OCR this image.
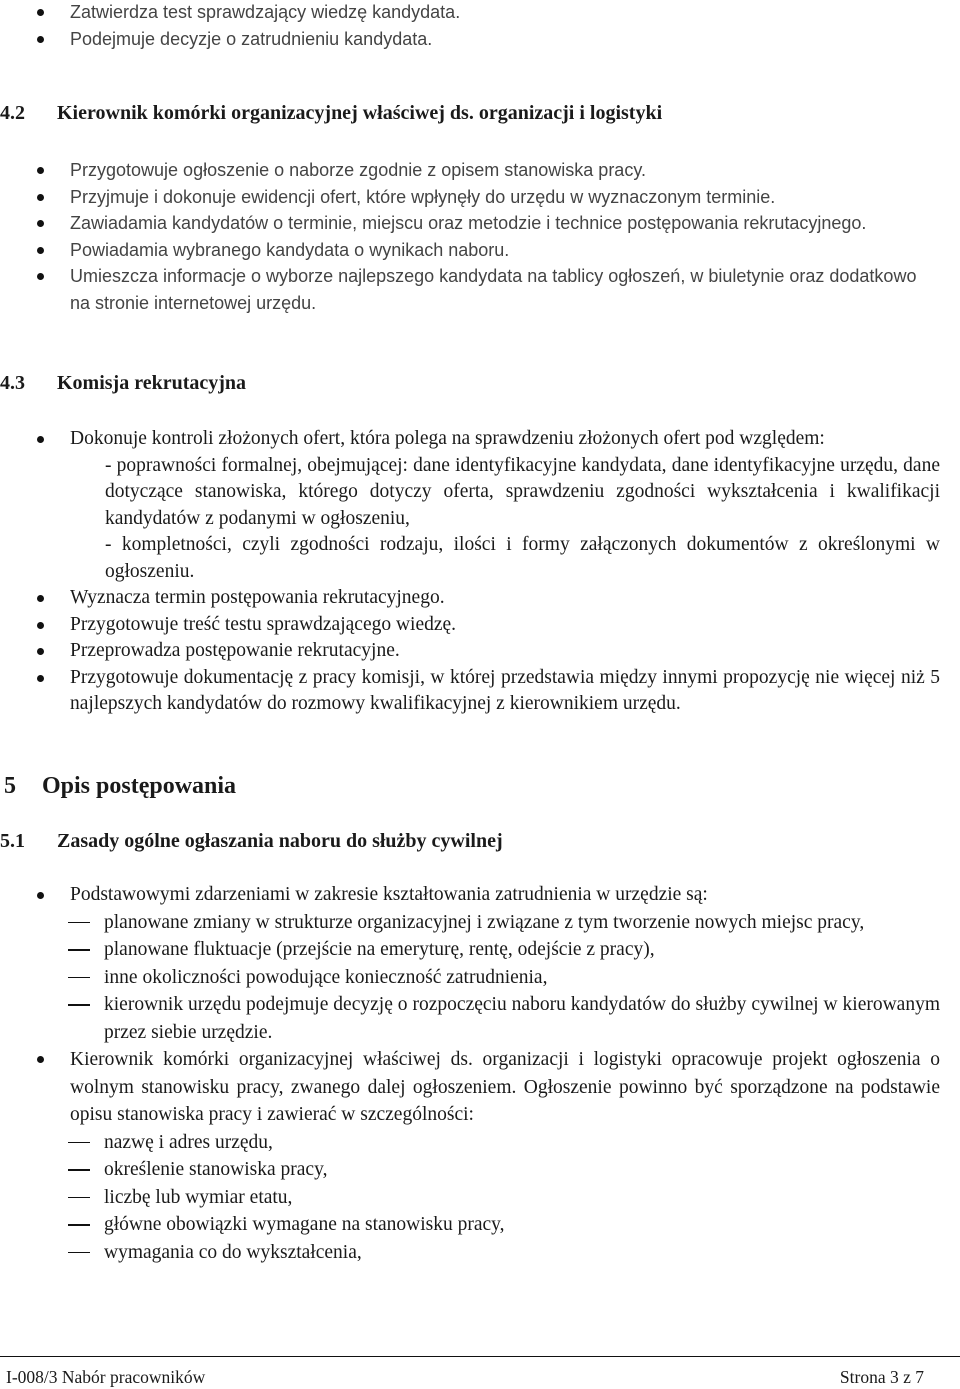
Zatwierdza test sprawdzający wiedzę kandydata.
Podejmuje decyzje o zatrudnieniu kandydata.
4.2 Kierownik komórki organizacyjnej właściwej ds. organizacji i logistyki
Przygotowuje ogłoszenie o naborze zgodnie z opisem stanowiska pracy.
Przyjmuje i dokonuje ewidencji ofert, które wpłynęły do urzędu w wyznaczonym terminie.
Zawiadamia kandydatów o terminie, miejscu oraz metodzie i technice postępowania rekrutacyjnego.
Powiadamia wybranego kandydata o wynikach naboru.
Umieszcza informacje o wyborze najlepszego kandydata na tablicy ogłoszeń, w biuletynie oraz dodatkowo na stronie internetowej urzędu.
4.3 Komisja rekrutacyjna
Dokonuje kontroli złożonych ofert, która polega na sprawdzeniu złożonych ofert pod względem:
- poprawności formalnej, obejmującej: dane identyfikacyjne kandydata, dane identyfikacyjne urzędu, dane dotyczące stanowiska, którego dotyczy oferta, sprawdzeniu zgodności wykształcenia i kwalifikacji kandydatów z podanymi w ogłoszeniu,
- kompletności, czyli zgodności rodzaju, ilości i formy załączonych dokumentów z określonymi w ogłoszeniu.
Wyznacza termin postępowania rekrutacyjnego.
Przygotowuje treść testu sprawdzającego wiedzę.
Przeprowadza postępowanie rekrutacyjne.
Przygotowuje dokumentację z pracy komisji, w której przedstawia między innymi propozycję nie więcej niż 5 najlepszych kandydatów do rozmowy kwalifikacyjnej z kierownikiem urzędu.
5 Opis postępowania
5.1 Zasady ogólne ogłaszania naboru do służby cywilnej
Podstawowymi zdarzeniami w zakresie kształtowania zatrudnienia w urzędzie są:
planowane zmiany w strukturze organizacyjnej i związane z tym tworzenie nowych miejsc pracy,
planowane fluktuacje (przejście na emeryturę, rentę, odejście z pracy),
inne okoliczności powodujące konieczność zatrudnienia,
kierownik urzędu podejmuje decyzję o rozpoczęciu naboru kandydatów do służby cywilnej w kierowanym przez siebie urzędzie.
Kierownik komórki organizacyjnej właściwej ds. organizacji i logistyki opracowuje projekt ogłoszenia o wolnym stanowisku pracy, zwanego dalej ogłoszeniem. Ogłoszenie powinno być sporządzone na podstawie opisu stanowiska pracy i zawierać w szczególności:
nazwę i adres urzędu,
określenie stanowiska pracy,
liczbę lub wymiar etatu,
główne obowiązki wymagane na stanowisku pracy,
wymagania co do wykształcenia,
I-008/3 Nabór pracowników	Strona 3 z 7
